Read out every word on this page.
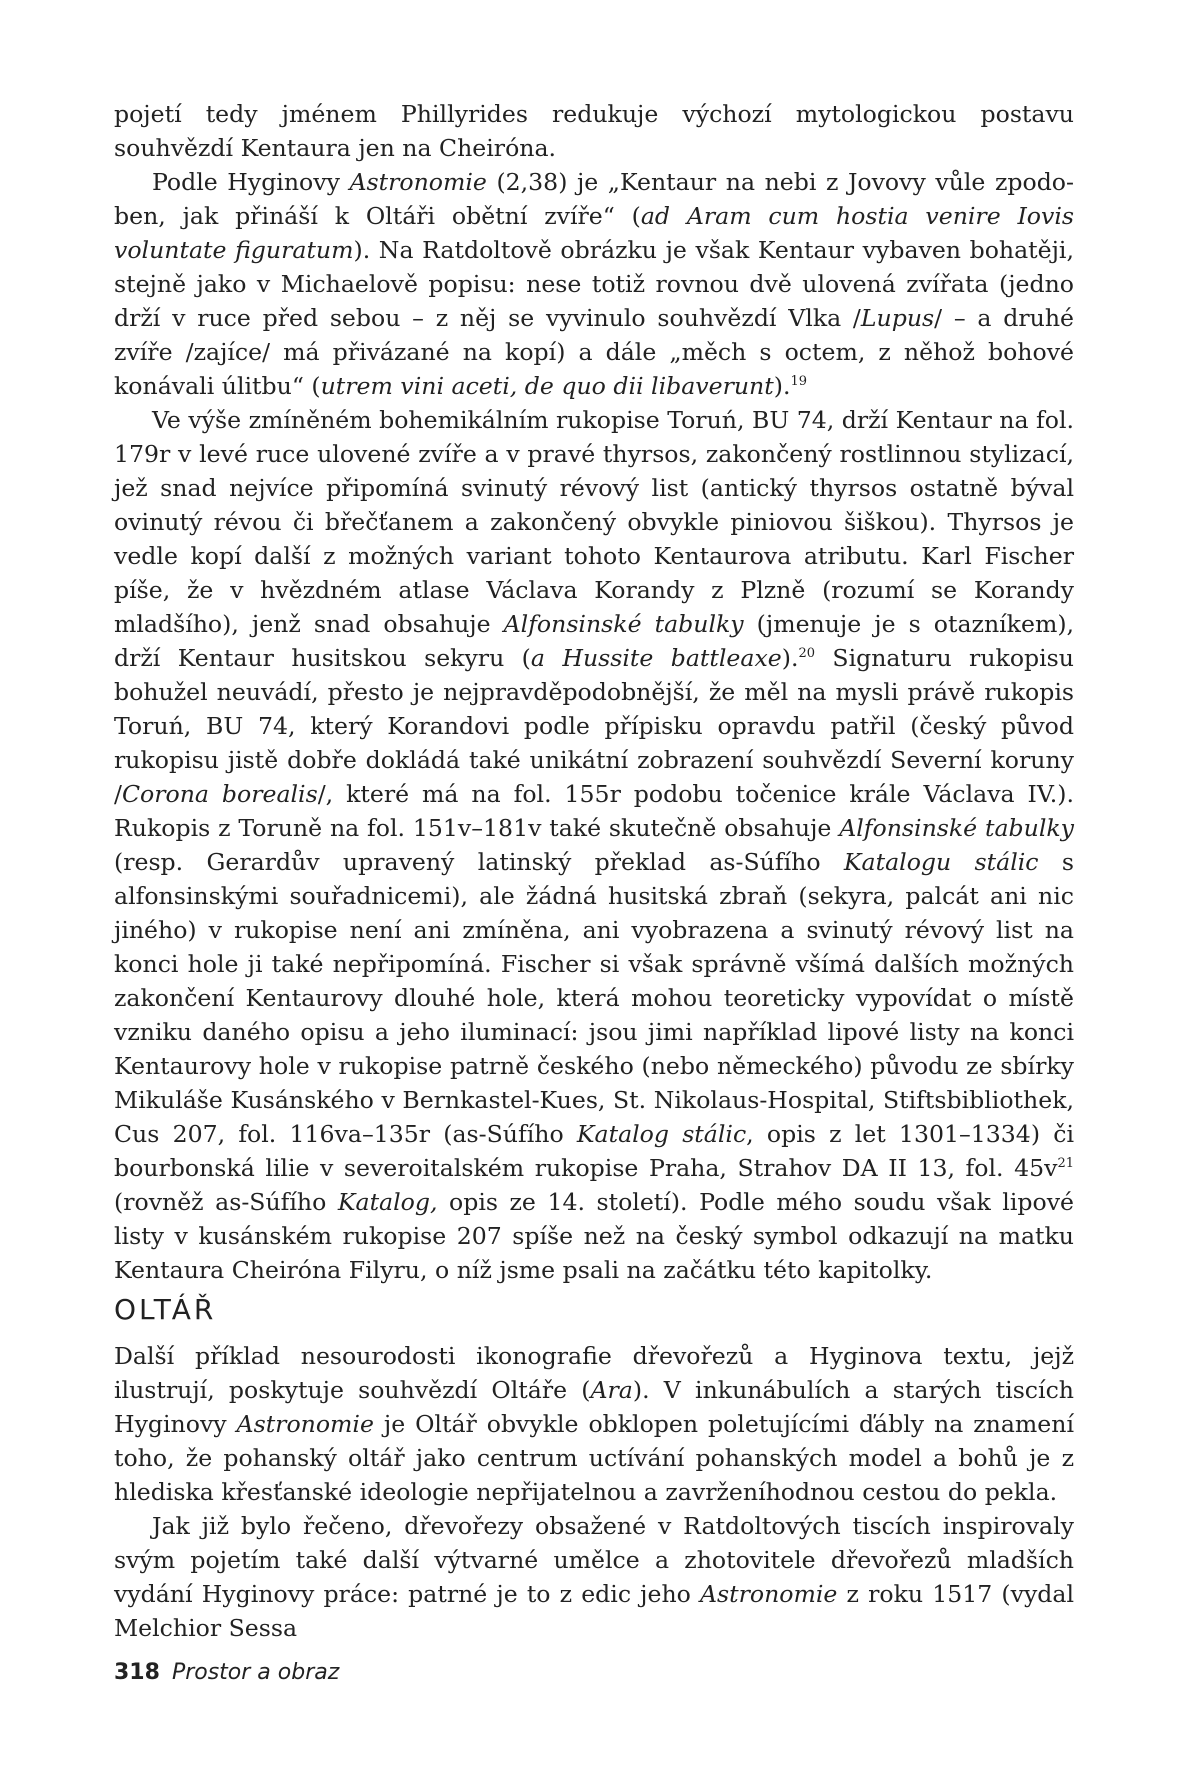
pojetí tedy jménem Phillyrides redukuje výchozí mytologickou postavu souhvězdí Kentaura jen na Cheiróna.

Podle Hyginovy Astronomie (2,38) je „Kentaur na nebi z Jovovy vůle zpodoben, jak přináší k Oltáři obětní zvíře“ (ad Aram cum hostia venire Iovis voluntate figuratum). Na Ratdoltově obrázku je však Kentaur vybaven bohatěji, stejně jako v Michaelově popisu: nese totiž rovnou dvě ulovená zvířata (jedno drží v ruce před sebou – z něj se vyvinulo souhvězdí Vlka /Lupus/ – a druhé zvíře /zajíce/ má přivázané na kopí) a dále „měch s octem, z něhož bohové konávali úlitbu“ (utrem vini aceti, de quo dii libaverunt).$^{19}$

Ve výše zmíněném bohemikálním rukopise Toruń, BU 74, drží Kentaur na fol. 179r v levé ruce ulovené zvíře a v pravé thyrsos, zakončený rostlinnou stylizací, jež snad nejvíce připomíná svinutý révový list (antický thyrsos ostatně býval ovinutý révou či břečťanem a zakončený obvykle piniovou šiškou). Thyrsos je vedle kopí další z možných variant tohoto Kentaurova atributu. Karl Fischer píše, že v hvězdném atlase Václava Korandy z Plzně (rozumí se Korandy mladšího), jenž snad obsahuje Alfonsinské tabulky (jmenuje je s otazníkem), drží Kentaur husitskou sekyru (a Hussite battleaxe).$^{20}$ Signaturu rukopisu bohužel neuvádí, přesto je nejpravděpodobnější, že měl na mysli právě rukopis Toruń, BU 74, který Korandovi podle přípisku opravdu patřil (český původ rukopisu jistě dobře dokládá také unikátní zobrazení souhvězdí Severní koruny /Corona borealis/, které má na fol. 155r podobu točenice krále Václava IV.). Rukopis z Toruně na fol. 151v–181v také skutečně obsahuje Alfonsinské tabulky (resp. Gerardův upravený latinský překlad as-Súfího Katalogu stálic s alfonsinskými souřadnicemi), ale žádná husitská zbraň (sekyra, palcát ani nic jiného) v rukopise není ani zmíněna, ani vyobrazena a svinutý révový list na konci hole ji také nepřipomíná. Fischer si však správně všímá dalších možných zakončení Kentaurovy dlouhé hole, která mohou teoreticky vypovídat o místě vzniku daného opisu a jeho iluminací: jsou jimi například lipové listy na konci Kentaurovy hole v rukopise patrně českého (nebo německého) původu ze sbírky Mikuláše Kusánského v Bernkastel-Kues, St. Nikolaus-Hospital, Stiftsbibliothek, Cus 207, fol. 116va–135r (as-Súfího Katalog stálic, opis z let 1301–1334) či bourbonská lilie v severoitalském rukopise Praha, Strahov DA II 13, fol. 45v$^{21}$ (rovněž as-Súfího Katalog, opis ze 14. století). Podle mého soudu však lipové listy v kusánském rukopise 207 spíše než na český symbol odkazují na matku Kentaura Cheiróna Filyru, o níž jsme psali na začátku této kapitolky.

OLTÁŘ

Další příklad nesourodosti ikonografie dřevořezů a Hyginova textu, jejž ilustrují, poskytuje souhvězdí Oltáře (Ara). V inkunábulích a starých tiscích Hyginovy Astronomie je Oltář obvykle obklopen poletujícími ďábly na znamení toho, že pohanský oltář jako centrum uctívání pohanských model a bohů je z hlediska křesťanské ideologie nepřijatelnou a zavrženíhodnou cestou do pekla.

Jak již bylo řečeno, dřevořezy obsažené v Ratdoltových tiscích inspirovaly svým pojetím také další výtvarné umělce a zhotovitele dřevořezů mladších vydání Hyginovy práce: patrné je to z edic jeho Astronomie z roku 1517 (vydal Melchior Sessa

318 Prostor a obraz
